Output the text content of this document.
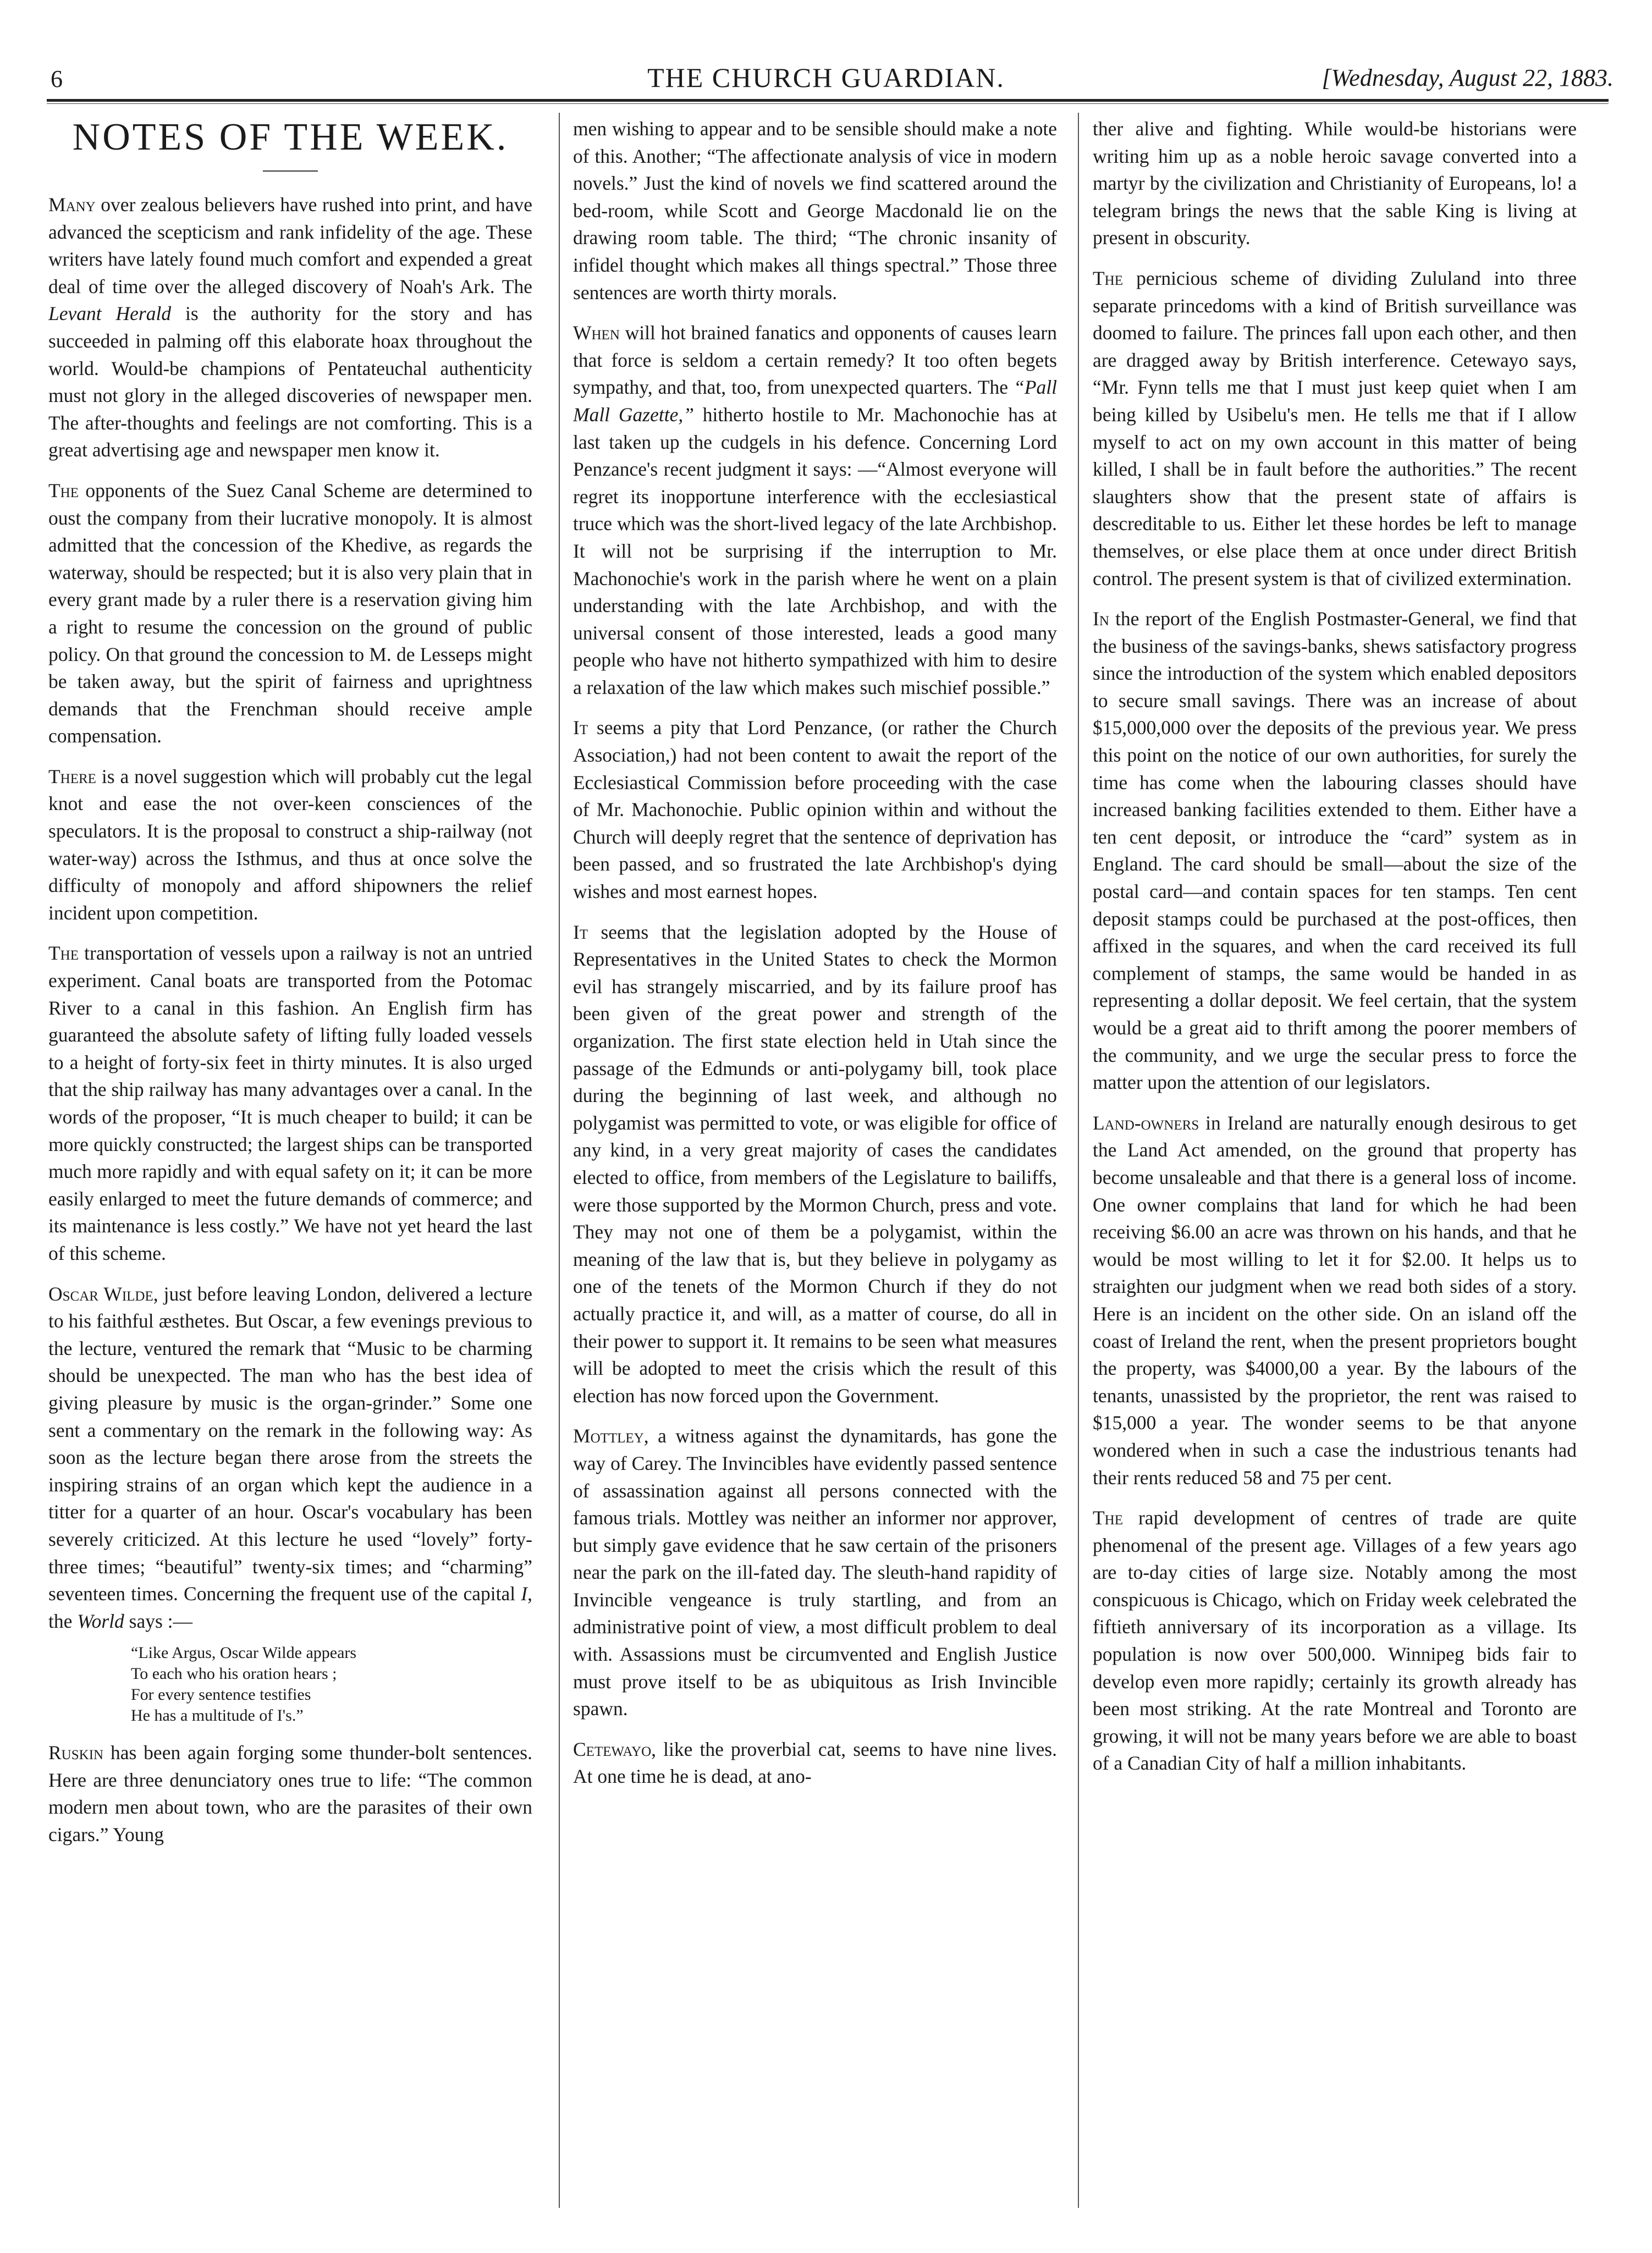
6	THE CHURCH GUARDIAN.	[Wednesday, August 22, 1883.
NOTES OF THE WEEK.

Many over zealous believers have rushed into print, and have advanced the scepticism and rank infidelity of the age. These writers have lately found much comfort and expended a great deal of time over the alleged discovery of Noah's Ark. The Levant Herald is the authority for the story and has succeeded in palming off this elaborate hoax throughout the world. Would-be champions of Pentateuchal authenticity must not glory in the alleged discoveries of newspaper men. The after-thoughts and feelings are not comforting. This is a great advertising age and newspaper men know it.

The opponents of the Suez Canal Scheme are determined to oust the company from their lucrative monopoly. It is almost admitted that the concession of the Khedive, as regards the waterway, should be respected; but it is also very plain that in every grant made by a ruler there is a reservation giving him a right to resume the concession on the ground of public policy. On that ground the concession to M. de Lesseps might be taken away, but the spirit of fairness and uprightness demands that the Frenchman should receive ample compensation.

There is a novel suggestion which will probably cut the legal knot and ease the not over-keen consciences of the speculators. It is the proposal to construct a ship-railway (not water-way) across the Isthmus, and thus at once solve the difficulty of monopoly and afford shipowners the relief incident upon competition.

The transportation of vessels upon a railway is not an untried experiment. Canal boats are transported from the Potomac River to a canal in this fashion. An English firm has guaranteed the absolute safety of lifting fully loaded vessels to a height of forty-six feet in thirty minutes. It is also urged that the ship railway has many advantages over a canal. In the words of the proposer, “It is much cheaper to build; it can be more quickly constructed; the largest ships can be transported much more rapidly and with equal safety on it; it can be more easily enlarged to meet the future demands of commerce; and its maintenance is less costly.” We have not yet heard the last of this scheme.

Oscar Wilde, just before leaving London, delivered a lecture to his faithful æsthetes. But Oscar, a few evenings previous to the lecture, ventured the remark that “Music to be charming should be unexpected. The man who has the best idea of giving pleasure by music is the organ-grinder.” Some one sent a commentary on the remark in the following way: As soon as the lecture began there arose from the streets the inspiring strains of an organ which kept the audience in a titter for a quarter of an hour. Oscar's vocabulary has been severely criticized. At this lecture he used “lovely” forty-three times; “beautiful” twenty-six times; and “charming” seventeen times. Concerning the frequent use of the capital I, the World says :—

“Like Argus, Oscar Wilde appears
To each who his oration hears ;
For every sentence testifies
He has a multitude of I's.”

Ruskin has been again forging some thunder-bolt sentences. Here are three denunciatory ones true to life: “The common modern men about town, who are the parasites of their own cigars.” Young

men wishing to appear and to be sensible should make a note of this. Another; “The affectionate analysis of vice in modern novels.” Just the kind of novels we find scattered around the bed-room, while Scott and George Macdonald lie on the drawing room table. The third; “The chronic insanity of infidel thought which makes all things spectral.” Those three sentences are worth thirty morals.

When will hot brained fanatics and opponents of causes learn that force is seldom a certain remedy? It too often begets sympathy, and that, too, from unexpected quarters. The “Pall Mall Gazette,” hitherto hostile to Mr. Machonochie has at last taken up the cudgels in his defence. Concerning Lord Penzance's recent judgment it says: —“Almost everyone will regret its inopportune interference with the ecclesiastical truce which was the short-lived legacy of the late Archbishop. It will not be surprising if the interruption to Mr. Machonochie's work in the parish where he went on a plain understanding with the late Archbishop, and with the universal consent of those interested, leads a good many people who have not hitherto sympathized with him to desire a relaxation of the law which makes such mischief possible.”

It seems a pity that Lord Penzance, (or rather the Church Association,) had not been content to await the report of the Ecclesiastical Commission before proceeding with the case of Mr. Machonochie. Public opinion within and without the Church will deeply regret that the sentence of deprivation has been passed, and so frustrated the late Archbishop's dying wishes and most earnest hopes.

It seems that the legislation adopted by the House of Representatives in the United States to check the Mormon evil has strangely miscarried, and by its failure proof has been given of the great power and strength of the organization. The first state election held in Utah since the passage of the Edmunds or anti-polygamy bill, took place during the beginning of last week, and although no polygamist was permitted to vote, or was eligible for office of any kind, in a very great majority of cases the candidates elected to office, from members of the Legislature to bailiffs, were those supported by the Mormon Church, press and vote. They may not one of them be a polygamist, within the meaning of the law that is, but they believe in polygamy as one of the tenets of the Mormon Church if they do not actually practice it, and will, as a matter of course, do all in their power to support it. It remains to be seen what measures will be adopted to meet the crisis which the result of this election has now forced upon the Government.

Mottley, a witness against the dynamitards, has gone the way of Carey. The Invincibles have evidently passed sentence of assassination against all persons connected with the famous trials. Mottley was neither an informer nor approver, but simply gave evidence that he saw certain of the prisoners near the park on the ill-fated day. The sleuth-hand rapidity of Invincible vengeance is truly startling, and from an administrative point of view, a most difficult problem to deal with. Assassions must be circumvented and English Justice must prove itself to be as ubiquitous as Irish Invincible spawn.

Cetewayo, like the proverbial cat, seems to have nine lives. At one time he is dead, at ano-

ther alive and fighting. While would-be historians were writing him up as a noble heroic savage converted into a martyr by the civilization and Christianity of Europeans, lo! a telegram brings the news that the sable King is living at present in obscurity.

The pernicious scheme of dividing Zululand into three separate princedoms with a kind of British surveillance was doomed to failure. The princes fall upon each other, and then are dragged away by British interference. Cetewayo says, “Mr. Fynn tells me that I must just keep quiet when I am being killed by Usibelu's men. He tells me that if I allow myself to act on my own account in this matter of being killed, I shall be in fault before the authorities.” The recent slaughters show that the present state of affairs is descreditable to us. Either let these hordes be left to manage themselves, or else place them at once under direct British control. The present system is that of civilized extermination.

In the report of the English Postmaster-General, we find that the business of the savings-banks, shews satisfactory progress since the introduction of the system which enabled depositors to secure small savings. There was an increase of about $15,000,000 over the deposits of the previous year. We press this point on the notice of our own authorities, for surely the time has come when the labouring classes should have increased banking facilities extended to them. Either have a ten cent deposit, or introduce the “card” system as in England. The card should be small—about the size of the postal card—and contain spaces for ten stamps. Ten cent deposit stamps could be purchased at the post-offices, then affixed in the squares, and when the card received its full complement of stamps, the same would be handed in as representing a dollar deposit. We feel certain, that the system would be a great aid to thrift among the poorer members of the community, and we urge the secular press to force the matter upon the attention of our legislators.

Land-owners in Ireland are naturally enough desirous to get the Land Act amended, on the ground that property has become unsaleable and that there is a general loss of income. One owner complains that land for which he had been receiving $6.00 an acre was thrown on his hands, and that he would be most willing to let it for $2.00. It helps us to straighten our judgment when we read both sides of a story. Here is an incident on the other side. On an island off the coast of Ireland the rent, when the present proprietors bought the property, was $4000,00 a year. By the labours of the tenants, unassisted by the proprietor, the rent was raised to $15,000 a year. The wonder seems to be that anyone wondered when in such a case the industrious tenants had their rents reduced 58 and 75 per cent.

The rapid development of centres of trade are quite phenomenal of the present age. Villages of a few years ago are to-day cities of large size. Notably among the most conspicuous is Chicago, which on Friday week celebrated the fiftieth anniversary of its incorporation as a village. Its population is now over 500,000. Winnipeg bids fair to develop even more rapidly; certainly its growth already has been most striking. At the rate Montreal and Toronto are growing, it will not be many years before we are able to boast of a Canadian City of half a million inhabitants.
